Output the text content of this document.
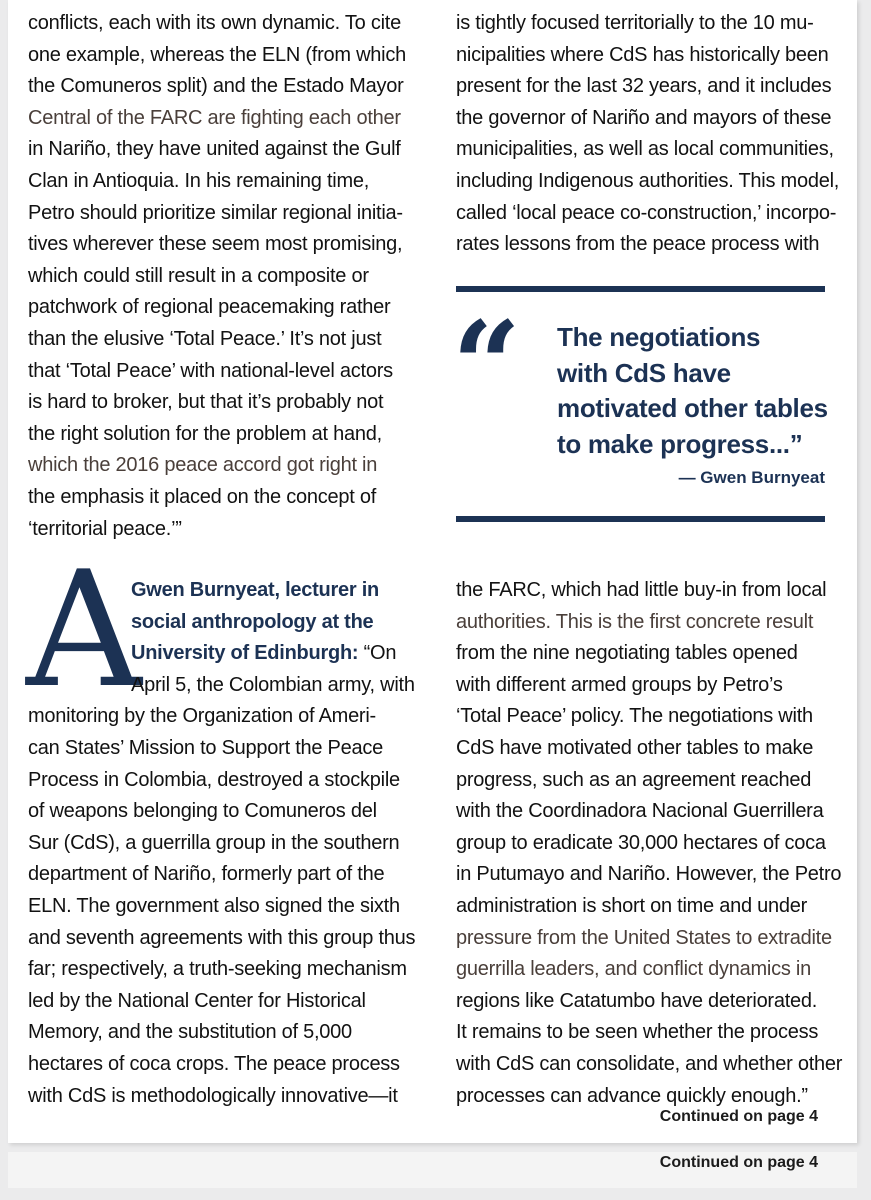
conflicts, each with its own dynamic. To cite
one example, whereas the ELN (from which
the Comuneros split) and the Estado Mayor
Central of the FARC are fighting each other
in Nariño, they have united against the Gulf
Clan in Antioquia. In his remaining time,
Petro should prioritize similar regional initia-
tives wherever these seem most promising,
which could still result in a composite or
patchwork of regional peacemaking rather
than the elusive ‘Total Peace.’ It’s not just
that ‘Total Peace’ with national-level actors
is hard to broker, but that it’s probably not
the right solution for the problem at hand,
which the 2016 peace accord got right in
the emphasis it placed on the concept of
‘territorial peace.’”
is tightly focused territorially to the 10 mu-
nicipalities where CdS has historically been
present for the last 32 years, and it includes
the governor of Nariño and mayors of these
municipalities, as well as local communities,
including Indigenous authorities. This model,
called ‘local peace co-construction,’ incorpo-
rates lessons from the peace process with
“ The negotiations
with CdS have
motivated other tables
to make progress...”
— Gwen Burnyeat
A
Gwen Burnyeat, lecturer in
social anthropology at the
University of Edinburgh: “On
April 5, the Colombian army, with
monitoring by the Organization of Ameri-
can States’ Mission to Support the Peace
Process in Colombia, destroyed a stockpile
of weapons belonging to Comuneros del
Sur (CdS), a guerrilla group in the southern
department of Nariño, formerly part of the
ELN. The government also signed the sixth
and seventh agreements with this group thus
far; respectively, a truth-seeking mechanism
led by the National Center for Historical
Memory, and the substitution of 5,000
hectares of coca crops. The peace process
with CdS is methodologically innovative—it
the FARC, which had little buy-in from local
authorities. This is the first concrete result
from the nine negotiating tables opened
with different armed groups by Petro’s
‘Total Peace’ policy. The negotiations with
CdS have motivated other tables to make
progress, such as an agreement reached
with the Coordinadora Nacional Guerrillera
group to eradicate 30,000 hectares of coca
in Putumayo and Nariño. However, the Petro
administration is short on time and under
pressure from the United States to extradite
guerrilla leaders, and conflict dynamics in
regions like Catatumbo have deteriorated.
It remains to be seen whether the process
with CdS can consolidate, and whether other
processes can advance quickly enough.”
Continued on page 4
Continued on page 4
